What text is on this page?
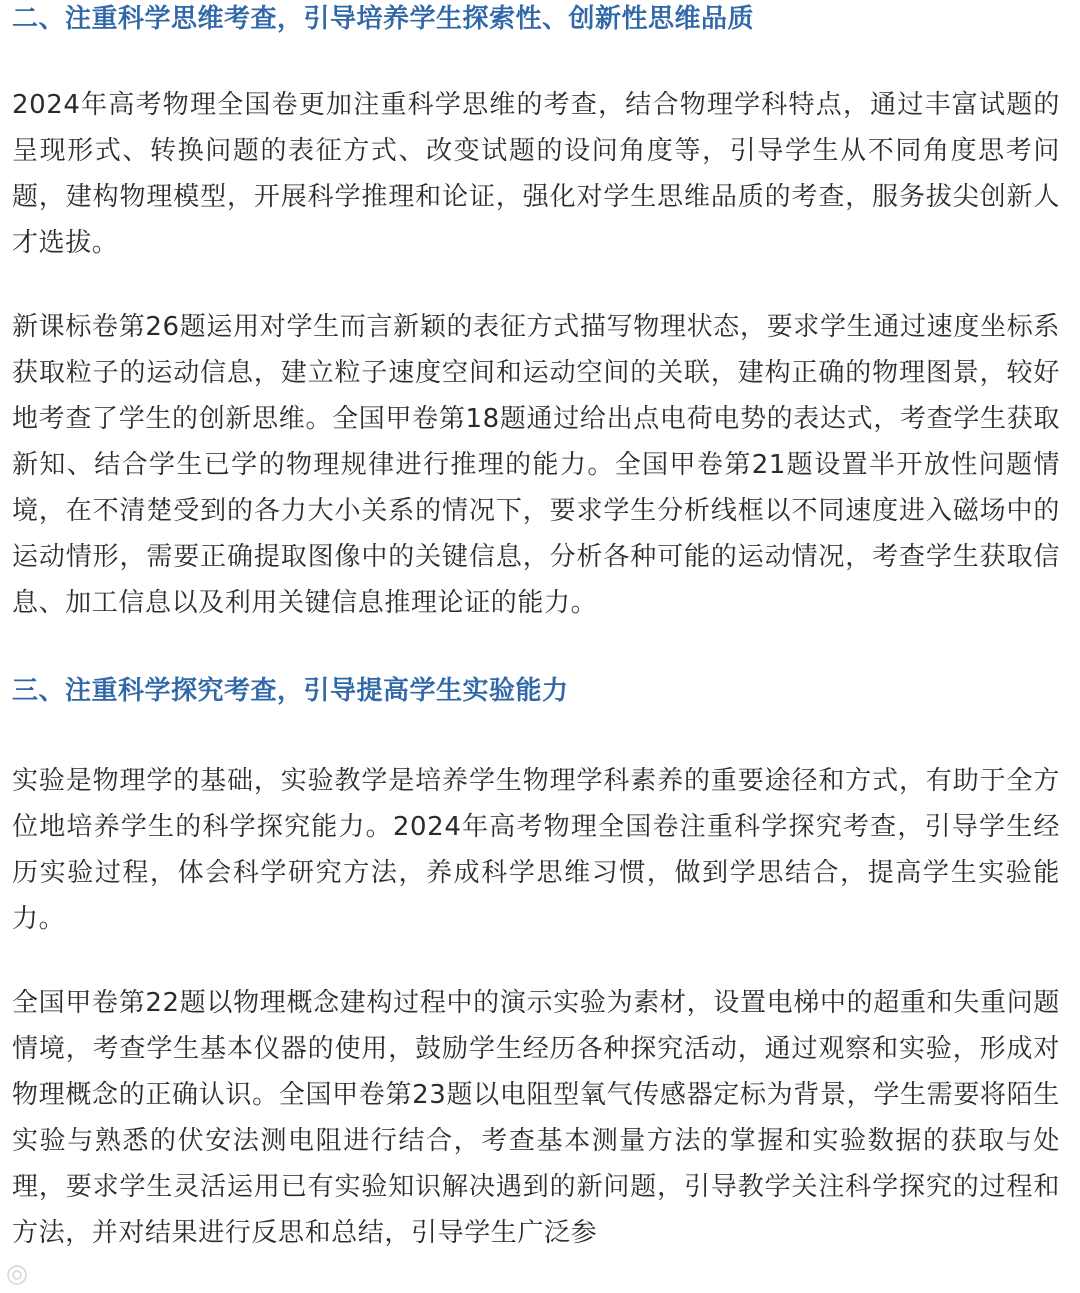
二、注重科学思维考查，引导培养学生探索性、创新性思维品质

2024年高考物理全国卷更加注重科学思维的考查，结合物理学科特点，通过丰富试题的呈现形式、转换问题的表征方式、改变试题的设问角度等，引导学生从不同角度思考问题，建构物理模型，开展科学推理和论证，强化对学生思维品质的考查，服务拔尖创新人才选拔。

新课标卷第26题运用对学生而言新颖的表征方式描写物理状态，要求学生通过速度坐标系获取粒子的运动信息，建立粒子速度空间和运动空间的关联，建构正确的物理图景，较好地考查了学生的创新思维。全国甲卷第18题通过给出点电荷电势的表达式，考查学生获取新知、结合学生已学的物理规律进行推理的能力。全国甲卷第21题设置半开放性问题情境，在不清楚受到的各力大小关系的情况下，要求学生分析线框以不同速度进入磁场中的运动情形，需要正确提取图像中的关键信息，分析各种可能的运动情况，考查学生获取信息、加工信息以及利用关键信息推理论证的能力。

三、注重科学探究考查，引导提高学生实验能力

实验是物理学的基础，实验教学是培养学生物理学科素养的重要途径和方式，有助于全方位地培养学生的科学探究能力。2024年高考物理全国卷注重科学探究考查，引导学生经历实验过程，体会科学研究方法，养成科学思维习惯，做到学思结合，提高学生实验能力。

全国甲卷第22题以物理概念建构过程中的演示实验为素材，设置电梯中的超重和失重问题情境，考查学生基本仪器的使用，鼓励学生经历各种探究活动，通过观察和实验，形成对物理概念的正确认识。全国甲卷第23题以电阻型氧气传感器定标为背景，学生需要将陌生实验与熟悉的伏安法测电阻进行结合，考查基本测量方法的掌握和实验数据的获取与处理，要求学生灵活运用已有实验知识解决遇到的新问题，引导教学关注科学探究的过程和方法，并对结果进行反思和总结，引导学生广泛参
